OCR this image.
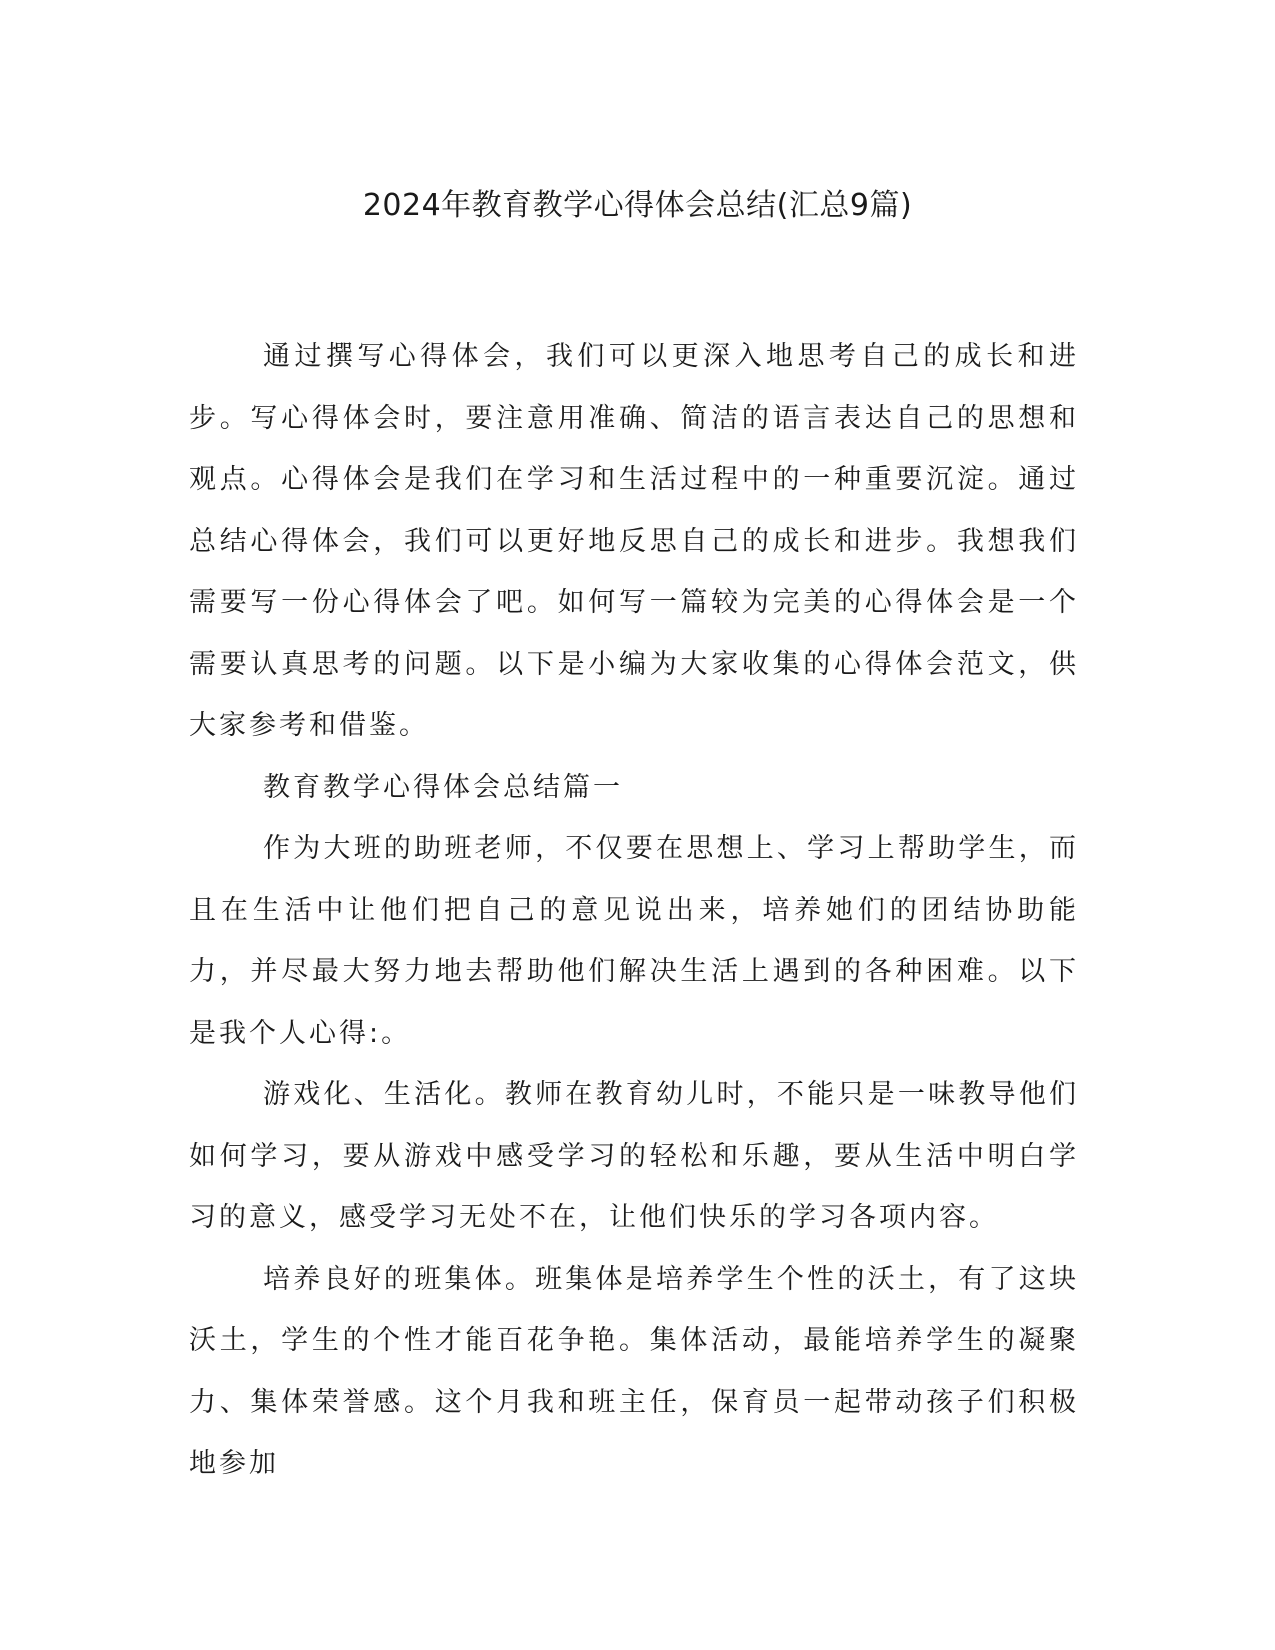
2024年教育教学心得体会总结(汇总9篇)

通过撰写心得体会，我们可以更深入地思考自己的成长和进步。写心得体会时，要注意用准确、简洁的语言表达自己的思想和观点。心得体会是我们在学习和生活过程中的一种重要沉淀。通过总结心得体会，我们可以更好地反思自己的成长和进步。我想我们需要写一份心得体会了吧。如何写一篇较为完美的心得体会是一个需要认真思考的问题。以下是小编为大家收集的心得体会范文，供大家参考和借鉴。

教育教学心得体会总结篇一

作为大班的助班老师，不仅要在思想上、学习上帮助学生，而且在生活中让他们把自己的意见说出来，培养她们的团结协助能力，并尽最大努力地去帮助他们解决生活上遇到的各种困难。以下是我个人心得:。

游戏化、生活化。教师在教育幼儿时，不能只是一味教导他们如何学习，要从游戏中感受学习的轻松和乐趣，要从生活中明白学习的意义，感受学习无处不在，让他们快乐的学习各项内容。

培养良好的班集体。班集体是培养学生个性的沃土，有了这块沃土，学生的个性才能百花争艳。集体活动，最能培养学生的凝聚力、集体荣誉感。这个月我和班主任，保育员一起带动孩子们积极地参加
